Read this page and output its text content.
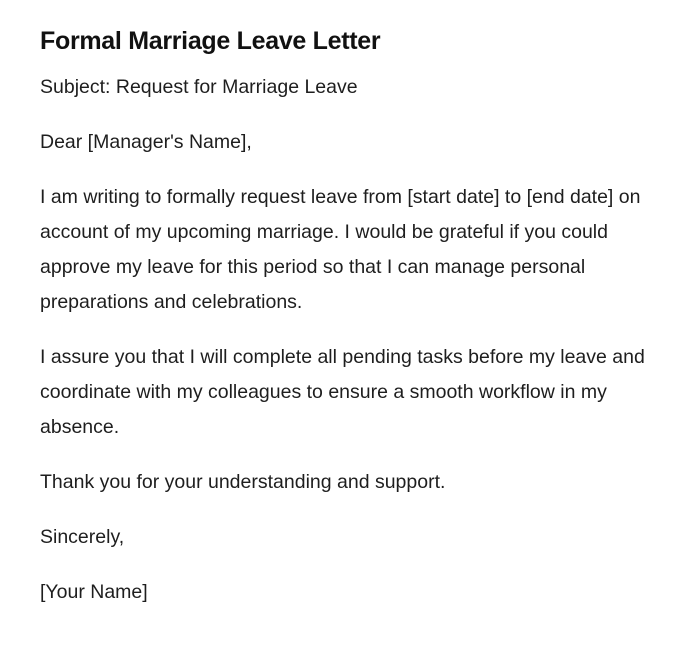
Formal Marriage Leave Letter

Subject: Request for Marriage Leave

Dear [Manager's Name],

I am writing to formally request leave from [start date] to [end date] on account of my upcoming marriage. I would be grateful if you could approve my leave for this period so that I can manage personal preparations and celebrations.

I assure you that I will complete all pending tasks before my leave and coordinate with my colleagues to ensure a smooth workflow in my absence.

Thank you for your understanding and support.

Sincerely,

[Your Name]
